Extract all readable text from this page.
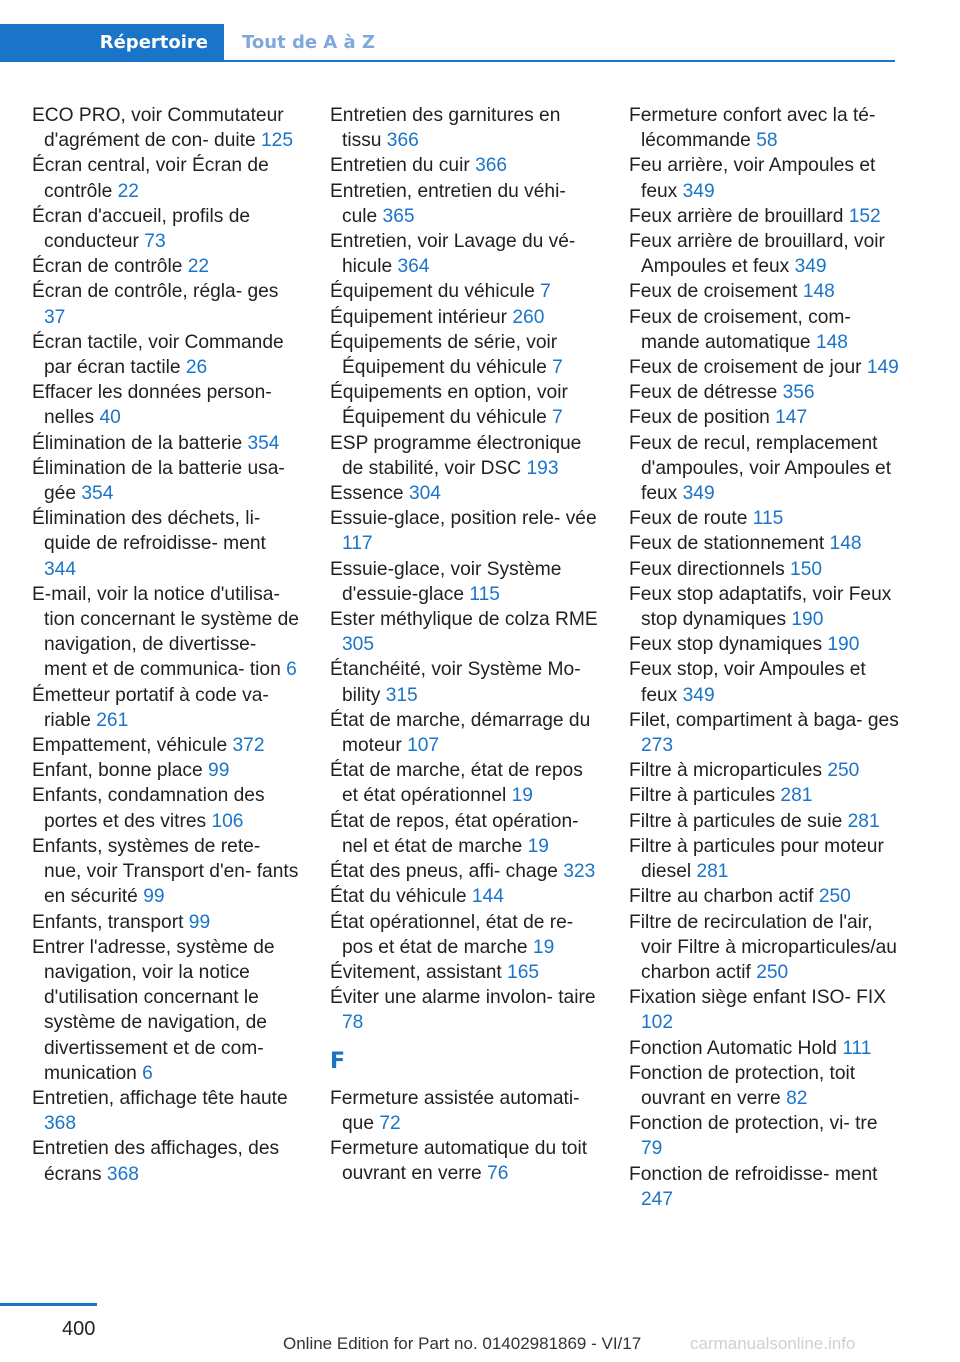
Répertoire Tout de A à Z
ECO PRO, voir Commutateur d'agrément de con- duite 125
Écran central, voir Écran de contrôle 22
Écran d'accueil, profils de conducteur 73
Écran de contrôle 22
Écran de contrôle, régla- ges 37
Écran tactile, voir Commande par écran tactile 26
Effacer les données person- nelles 40
Élimination de la batterie 354
Élimination de la batterie usa- gée 354
Élimination des déchets, li- quide de refroidisse- ment 344
E-mail, voir la notice d'utilisa- tion concernant le système de navigation, de divertisse- ment et de communica- tion 6
Émetteur portatif à code va- riable 261
Empattement, véhicule 372
Enfant, bonne place 99
Enfants, condamnation des portes et des vitres 106
Enfants, systèmes de rete- nue, voir Transport d'en- fants en sécurité 99
Enfants, transport 99
Entrer l'adresse, système de navigation, voir la notice d'utilisation concernant le système de navigation, de divertissement et de com- munication 6
Entretien, affichage tête haute 368
Entretien des affichages, des écrans 368
Entretien des garnitures en tissu 366
Entretien du cuir 366
Entretien, entretien du véhi- cule 365
Entretien, voir Lavage du vé- hicule 364
Équipement du véhicule 7
Équipement intérieur 260
Équipements de série, voir Équipement du véhicule 7
Équipements en option, voir Équipement du véhicule 7
ESP programme électronique de stabilité, voir DSC 193
Essence 304
Essuie-glace, position rele- vée 117
Essuie-glace, voir Système d'essuie-glace 115
Ester méthylique de colza RME 305
Étanchéité, voir Système Mo- bility 315
État de marche, démarrage du moteur 107
État de marche, état de repos et état opérationnel 19
État de repos, état opération- nel et état de marche 19
État des pneus, affi- chage 323
État du véhicule 144
État opérationnel, état de re- pos et état de marche 19
Évitement, assistant 165
Éviter une alarme involon- taire 78
F
Fermeture assistée automati- que 72
Fermeture automatique du toit ouvrant en verre 76
Fermeture confort avec la té- lécommande 58
Feu arrière, voir Ampoules et feux 349
Feux arrière de brouillard 152
Feux arrière de brouillard, voir Ampoules et feux 349
Feux de croisement 148
Feux de croisement, com- mande automatique 148
Feux de croisement de jour 149
Feux de détresse 356
Feux de position 147
Feux de recul, remplacement d'ampoules, voir Ampoules et feux 349
Feux de route 115
Feux de stationnement 148
Feux directionnels 150
Feux stop adaptatifs, voir Feux stop dynamiques 190
Feux stop dynamiques 190
Feux stop, voir Ampoules et feux 349
Filet, compartiment à baga- ges 273
Filtre à microparticules 250
Filtre à particules 281
Filtre à particules de suie 281
Filtre à particules pour moteur diesel 281
Filtre au charbon actif 250
Filtre de recirculation de l'air, voir Filtre à microparticules/au charbon actif 250
Fixation siège enfant ISO- FIX 102
Fonction Automatic Hold 111
Fonction de protection, toit ouvrant en verre 82
Fonction de protection, vi- tre 79
Fonction de refroidisse- ment 247
400
Online Edition for Part no. 01402981869 - VI/17	carmanualsonline.info
